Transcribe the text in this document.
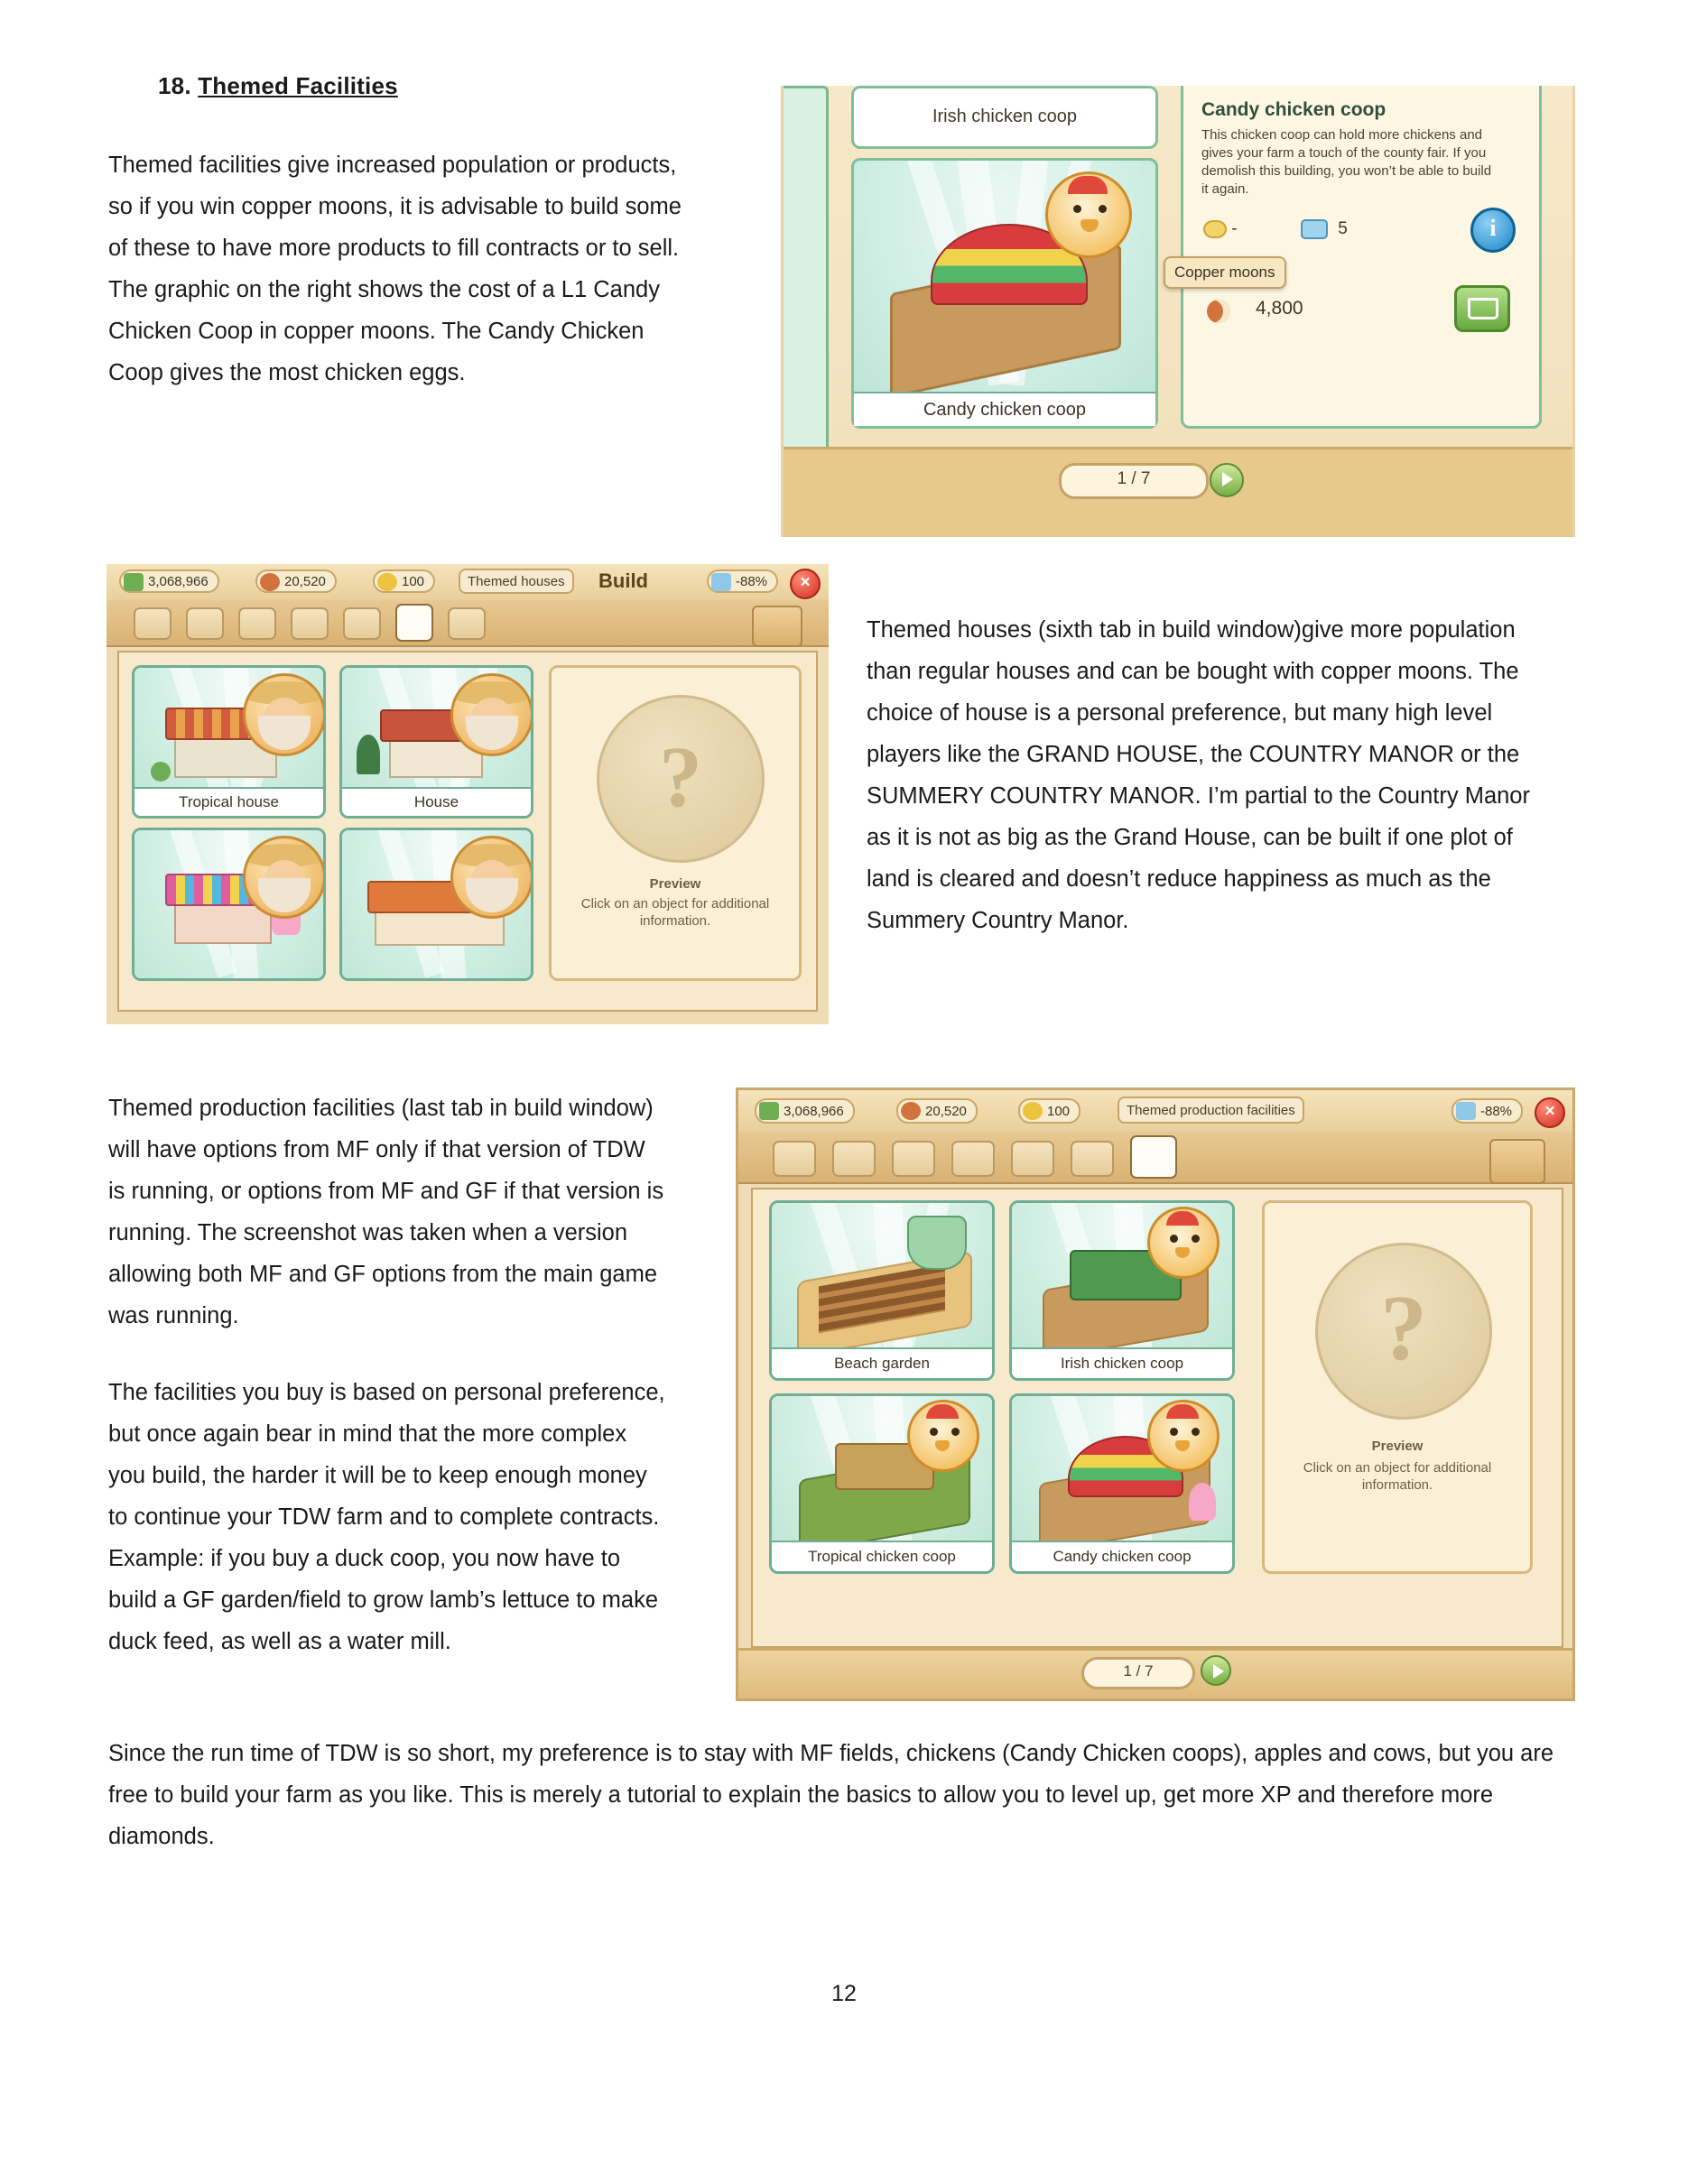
18. Themed Facilities
Themed facilities give increased population or products, so if you win copper moons, it is advisable to build some of these to have more products to fill contracts or to sell. The graphic on the right shows the cost of a L1 Candy Chicken Coop in copper moons. The Candy Chicken Coop gives the most chicken eggs.
Themed houses (sixth tab in build window)give more population than regular houses and can be bought with copper moons. The choice of house is a personal preference, but many high level players like the GRAND HOUSE, the COUNTRY MANOR or the SUMMERY COUNTRY MANOR. I’m partial to the Country Manor as it is not as big as the Grand House, can be built if one plot of land is cleared and doesn’t reduce happiness as much as the Summery Country Manor.
Themed production facilities (last tab in build window) will have options from MF only if that version of TDW is running, or options from MF and GF if that version is running. The screenshot was taken when a version allowing both MF and GF options from the main game was running.
The facilities you buy is based on personal preference, but once again bear in mind that the more complex you build, the harder it will be to keep enough money to continue your TDW farm and to complete contracts. Example: if you buy a duck coop, you now have to build a GF garden/field to grow lamb’s lettuce to make duck feed, as well as a water mill.
Since the run time of TDW is so short, my preference is to stay with MF fields, chickens (Candy Chicken coops), apples and cows, but you are free to build your farm as you like. This is merely a tutorial to explain the basics to allow you to level up, get more XP and therefore more diamonds.
12
Irish chicken coop
Candy chicken coop
Candy chicken coop
This chicken coop can hold more chickens and gives your farm a touch of the county fair. If you demolish this building, you won’t be able to build it again.
-	5	i
Copper moons
4,800
1 / 7
3,068,966	20,520	100	Themed houses	Build	-88%	×
Tropical house	House	?
Preview
Click on an object for additional information.
3,068,966	20,520	100	Themed production facilities	-88%	×
Beach garden	Irish chicken coop
Tropical chicken coop	Candy chicken coop
?
Preview
Click on an object for additional information.
1 / 7
